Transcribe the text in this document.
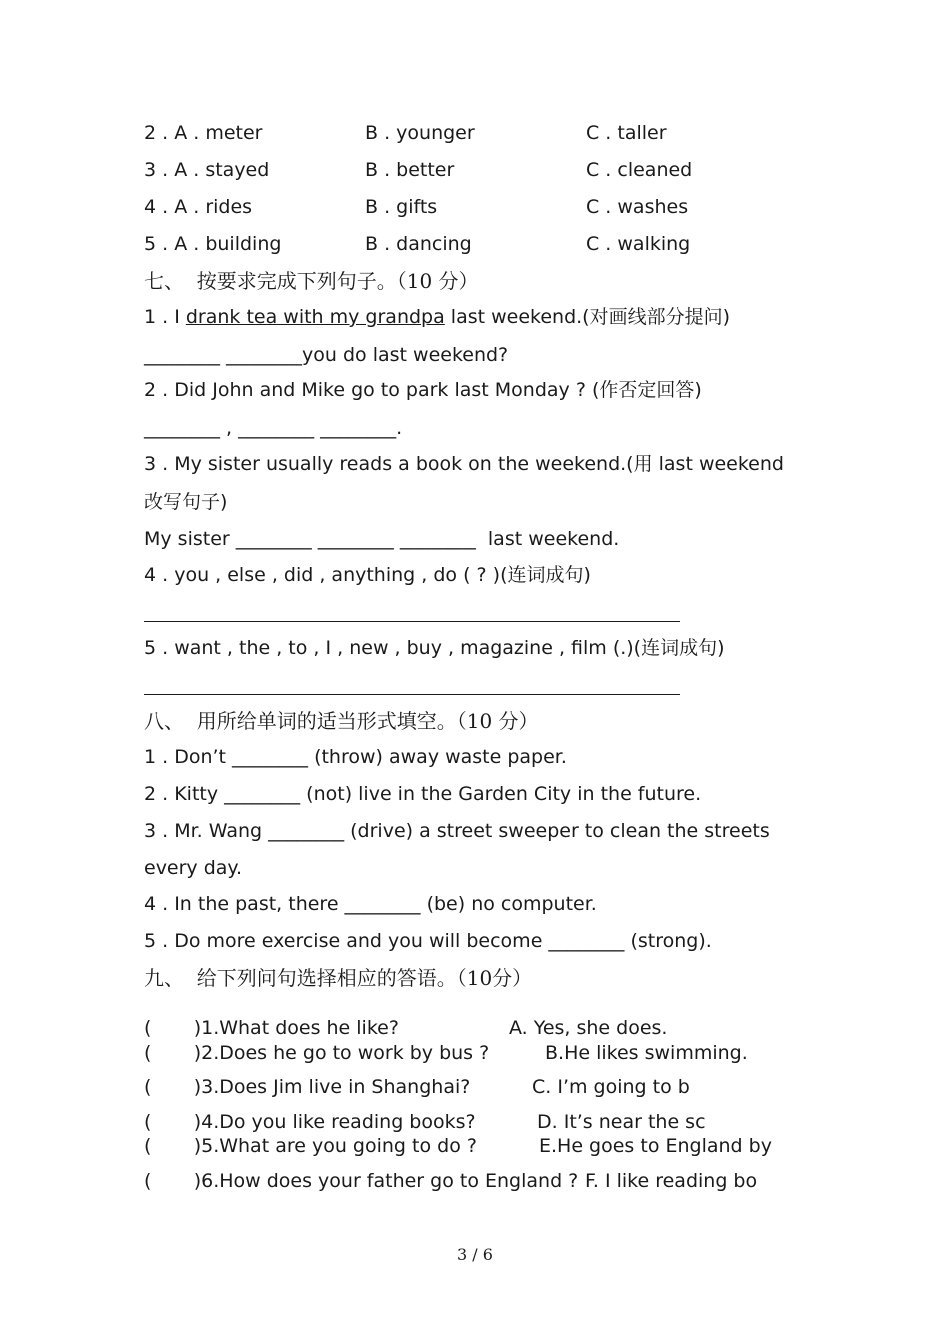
2 . A . meter	B . younger	C . taller
3 . A . stayed	B . better	C . cleaned
4 . A . rides	B . gifts	C . washes
5 . A . building	B . dancing	C . walking
七、  按要求完成下列句子。（10 分）
1 . I drank tea with my grandpa last weekend.(对画线部分提问)
________ ________you do last weekend?
2 . Did John and Mike go to park last Monday ? (作否定回答)
________ , ________ ________.
3 . My sister usually reads a book on the weekend.(用 last weekend
改写句子)
My sister ________ ________ ________  last weekend.
4 . you , else , did , anything , do ( ? )(连词成句)
5 . want , the , to , I , new , buy , magazine , film (.)(连词成句)
八、  用所给单词的适当形式填空。（10 分）
1 . Don’t ________ (throw) away waste paper.
2 . Kitty ________ (not) live in the Garden City in the future.
3 . Mr. Wang ________ (drive) a street sweeper to clean the streets
every day.
4 . In the past, there ________ (be) no computer.
5 . Do more exercise and you will become ________ (strong).
九、  给下列问句选择相应的答语。（10分）
(       )1.What does he like?	A. Yes, she does.
(       )2.Does he go to work by bus ?	B.He likes swimming.
(       )3.Does Jim live in Shanghai?	C. I’m going to b
(       )4.Do you like reading books?	D. It’s near the sc
(       )5.What are you going to do ?	E.He goes to England by
(       )6.How does your father go to England ? F. I like reading bo
3 / 6
